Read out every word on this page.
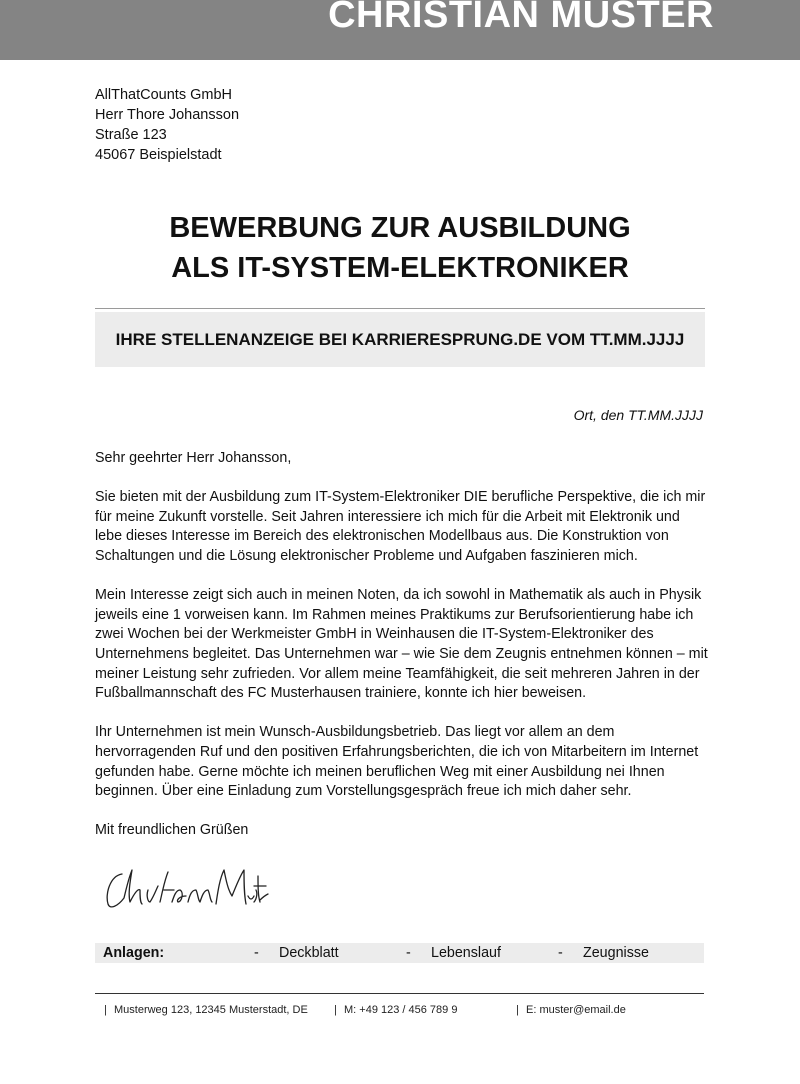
CHRISTIAN MUSTER
AllThatCounts GmbH
Herr Thore Johansson
Straße 123
45067 Beispielstadt
BEWERBUNG ZUR AUSBILDUNG
ALS IT-SYSTEM-ELEKTRONIKER
IHRE STELLENANZEIGE BEI KARRIERESPRUNG.DE VOM TT.MM.JJJJ
Ort, den TT.MM.JJJJ

Sehr geehrter Herr Johansson,

Sie bieten mit der Ausbildung zum IT-System-Elektroniker DIE berufliche Perspektive, die ich mir für meine Zukunft vorstelle. Seit Jahren interessiere ich mich für die Arbeit mit Elektronik und lebe dieses Interesse im Bereich des elektronischen Modellbaus aus. Die Konstruktion von Schaltungen und die Lösung elektronischer Probleme und Aufgaben faszinieren mich.

Mein Interesse zeigt sich auch in meinen Noten, da ich sowohl in Mathematik als auch in Physik jeweils eine 1 vorweisen kann. Im Rahmen meines Praktikums zur Berufsorientierung habe ich zwei Wochen bei der Werkmeister GmbH in Weinhausen die IT-System-Elektroniker des Unternehmens begleitet. Das Unternehmen war – wie Sie dem Zeugnis entnehmen können – mit meiner Leistung sehr zufrieden. Vor allem meine Teamfähigkeit, die seit mehreren Jahren in der Fußballmannschaft des FC Musterhausen trainiere, konnte ich hier beweisen.

Ihr Unternehmen ist mein Wunsch-Ausbildungsbetrieb. Das liegt vor allem an dem hervorragenden Ruf und den positiven Erfahrungsberichten, die ich von Mitarbeitern im Internet gefunden habe. Gerne möchte ich meinen beruflichen Weg mit einer Ausbildung nei Ihnen beginnen. Über eine Einladung zum Vorstellungsgespräch freue ich mich daher sehr.

Mit freundlichen Grüßen

Anlagen:	- Deckblatt	- Lebenslauf	- Zeugnisse
| Musterweg 123, 12345 Musterstadt, DE | M: +49 123 / 456 789 9	| E: muster@email.de
